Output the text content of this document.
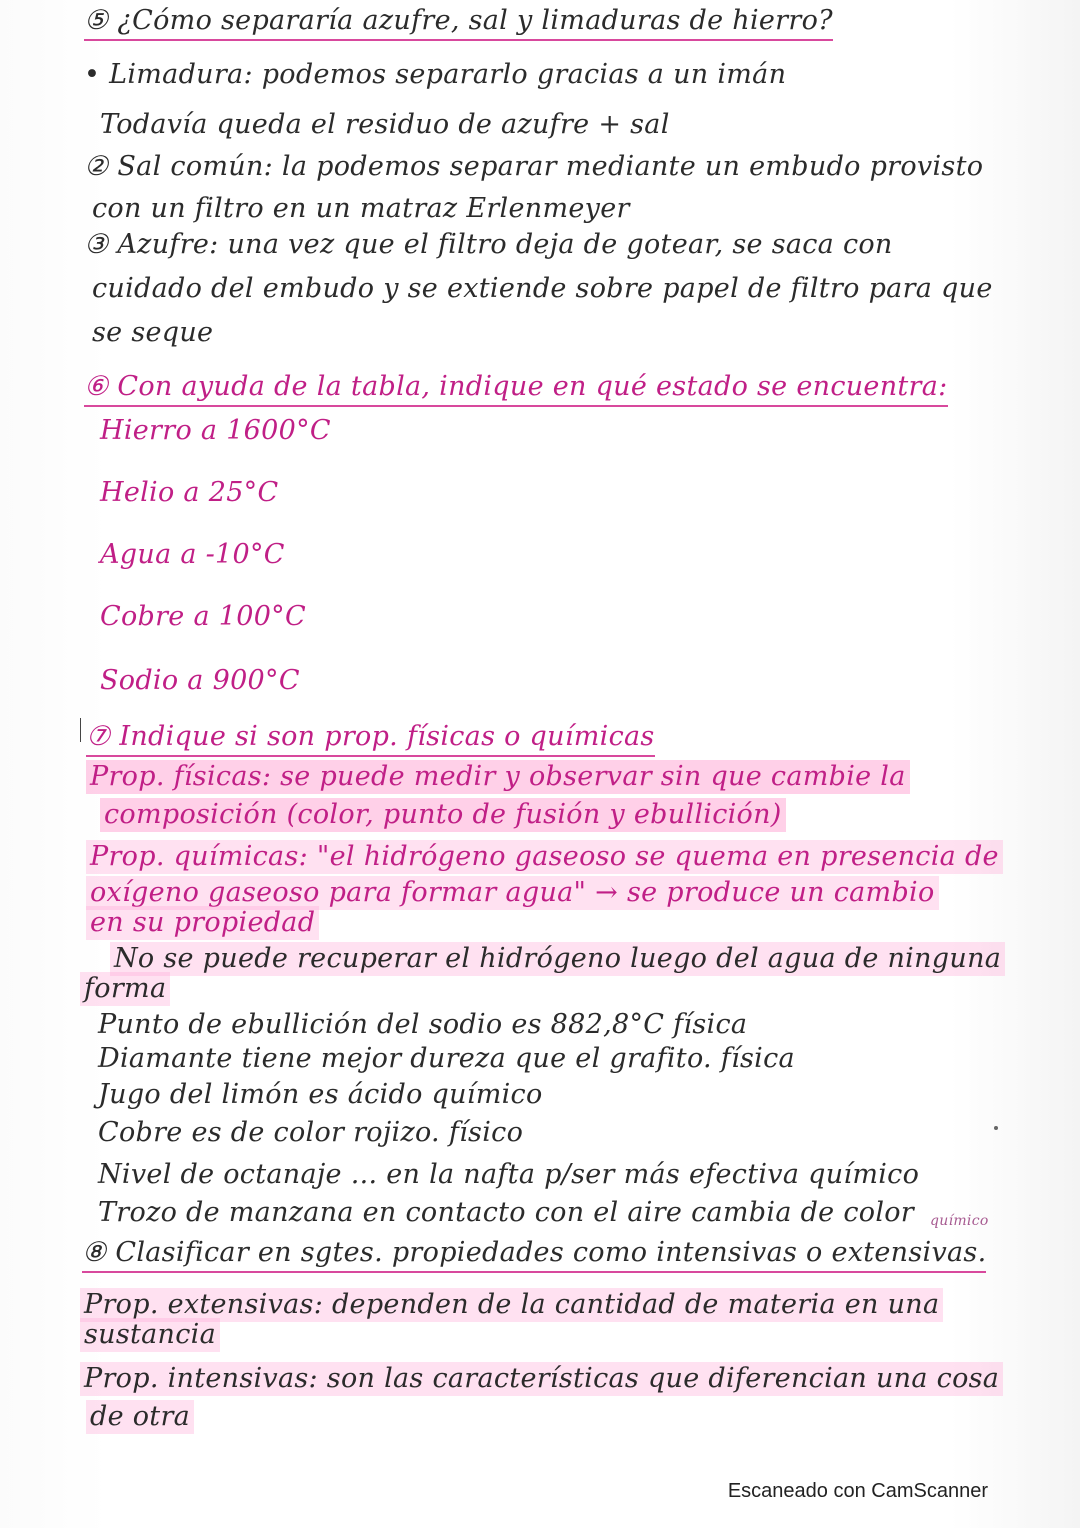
⑤ ¿Cómo separaría azufre, sal y limaduras de hierro?
• Limadura: podemos separarlo gracias a un imán
Todavía queda el residuo de azufre + sal
② Sal común: la podemos separar mediante un embudo provisto
con un filtro en un matraz Erlenmeyer
③ Azufre: una vez que el filtro deja de gotear, se saca con
cuidado del embudo y se extiende sobre papel de filtro para que
se seque
⑥ Con ayuda de la tabla, indique en qué estado se encuentra:
Hierro a 1600°C
Helio a 25°C
Agua a -10°C
Cobre a 100°C
Sodio a 900°C
⑦ Indique si son prop. físicas o químicas
Prop. físicas: se puede medir y observar sin que cambie la
composición (color, punto de fusión y ebullición)
Prop. químicas: "el hidrógeno gaseoso se quema en presencia de
oxígeno gaseoso para formar agua" → se produce un cambio
en su propiedad
No se puede recuperar el hidrógeno luego del agua de ninguna
forma
Punto de ebullición del sodio es 882,8°C física
Diamante tiene mejor dureza que el grafito. física
Jugo del limón es ácido químico
Cobre es de color rojizo. físico
Nivel de octanaje ... en la nafta p/ser más efectiva químico
Trozo de manzana en contacto con el aire cambia de color
⑧ Clasificar en sgtes. propiedades como intensivas o extensivas.
Prop. extensivas: dependen de la cantidad de materia en una
sustancia
Prop. intensivas: son las características que diferencian una cosa
de otra
químico
Escaneado con CamScanner
